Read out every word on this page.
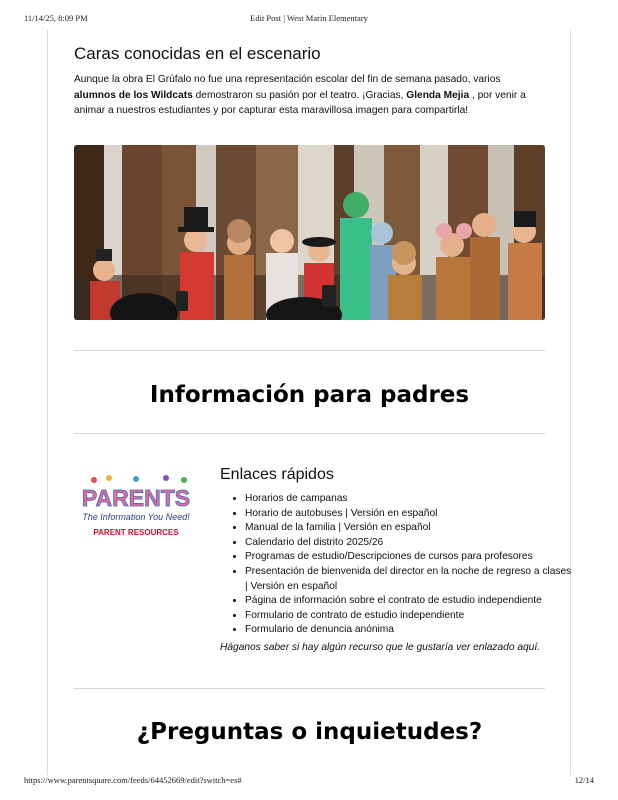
11/14/25, 8:09 PM	Edit Post | West Marin Elementary
Caras conocidas en el escenario

Aunque la obra El Grúfalo no fue una representación escolar del fin de semana pasado, varios alumnos de los Wildcats demostraron su pasión por el teatro. ¡Gracias, Glenda Mejia , por venir a animar a nuestros estudiantes y por capturar esta maravillosa imagen para compartirla!

Información para padres
PARENTS
The Information You Need!
PARENT RESOURCES
Enlaces rápidos
• Horarios de campanas
• Horario de autobuses | Versión en español
• Manual de la familia | Versión en español
• Calendario del distrito 2025/26
• Programas de estudio/Descripciones de cursos para profesores
• Presentación de bienvenida del director en la noche de regreso a clases | Versión en español
• Página de información sobre el contrato de estudio independiente
• Formulario de contrato de estudio independiente
• Formulario de denuncia anónima
Háganos saber si hay algún recurso que le gustaría ver enlazado aquí.
¿Preguntas o inquietudes?
https://www.parentsquare.com/feeds/64452669/edit?switch=es#	12/14
